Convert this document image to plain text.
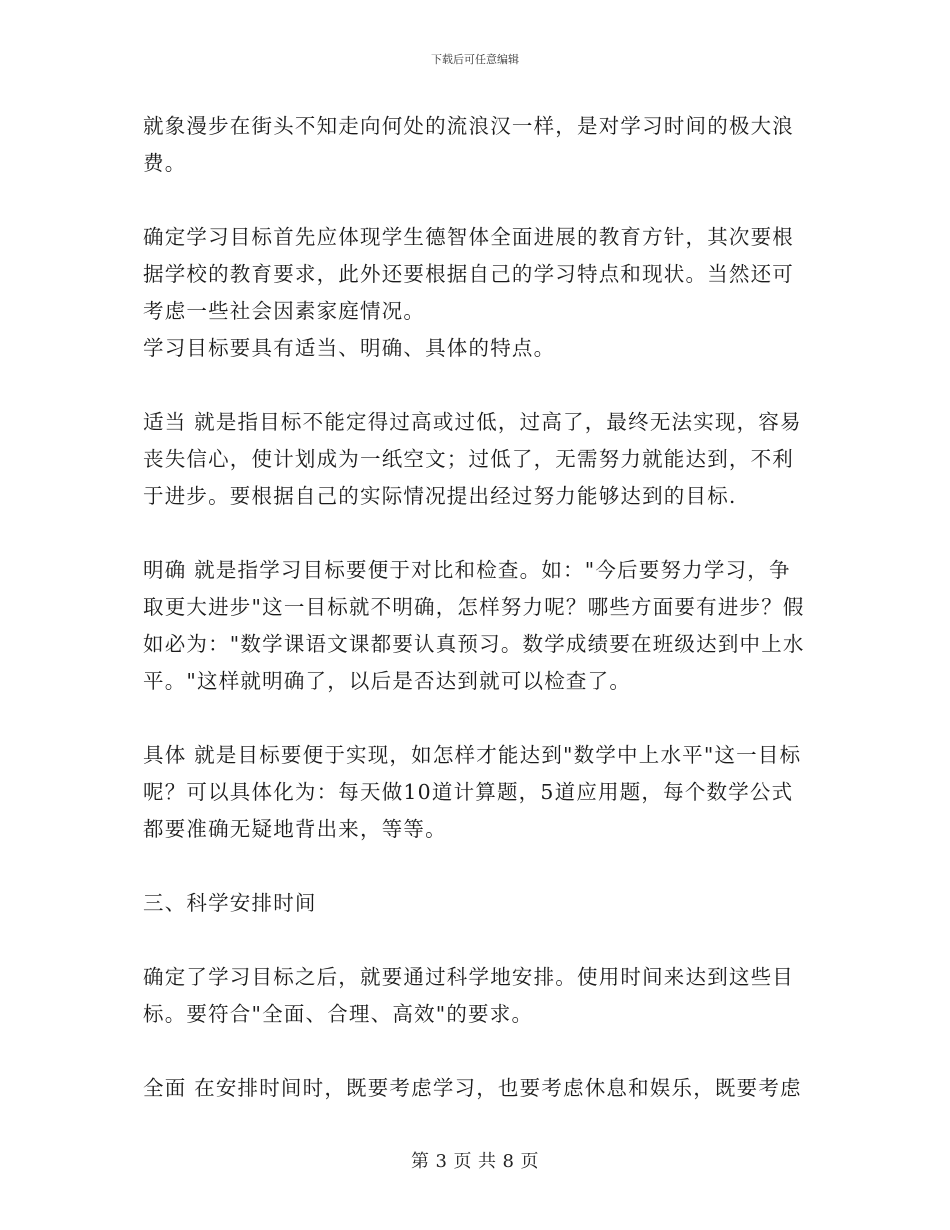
下载后可任意编辑

就象漫步在街头不知走向何处的流浪汉一样，是对学习时间的极大浪费。

确定学习目标首先应体现学生德智体全面进展的教育方针，其次要根据学校的教育要求，此外还要根据自己的学习特点和现状。当然还可考虑一些社会因素家庭情况。

学习目标要具有适当、明确、具体的特点。

适当 就是指目标不能定得过高或过低，过高了，最终无法实现，容易丧失信心，使计划成为一纸空文；过低了，无需努力就能达到，不利于进步。要根据自己的实际情况提出经过努力能够达到的目标.

明确 就是指学习目标要便于对比和检查。如："今后要努力学习，争取更大进步"这一目标就不明确，怎样努力呢？哪些方面要有进步？假如必为："数学课语文课都要认真预习。数学成绩要在班级达到中上水平。"这样就明确了，以后是否达到就可以检查了。

具体 就是目标要便于实现，如怎样才能达到"数学中上水平"这一目标呢？可以具体化为：每天做10道计算题，5道应用题，每个数学公式都要准确无疑地背出来，等等。

三、科学安排时间

确定了学习目标之后，就要通过科学地安排。使用时间来达到这些目标。要符合"全面、合理、高效"的要求。

全面 在安排时间时，既要考虑学习，也要考虑休息和娱乐，既要考虑

第 3 页 共 8 页
